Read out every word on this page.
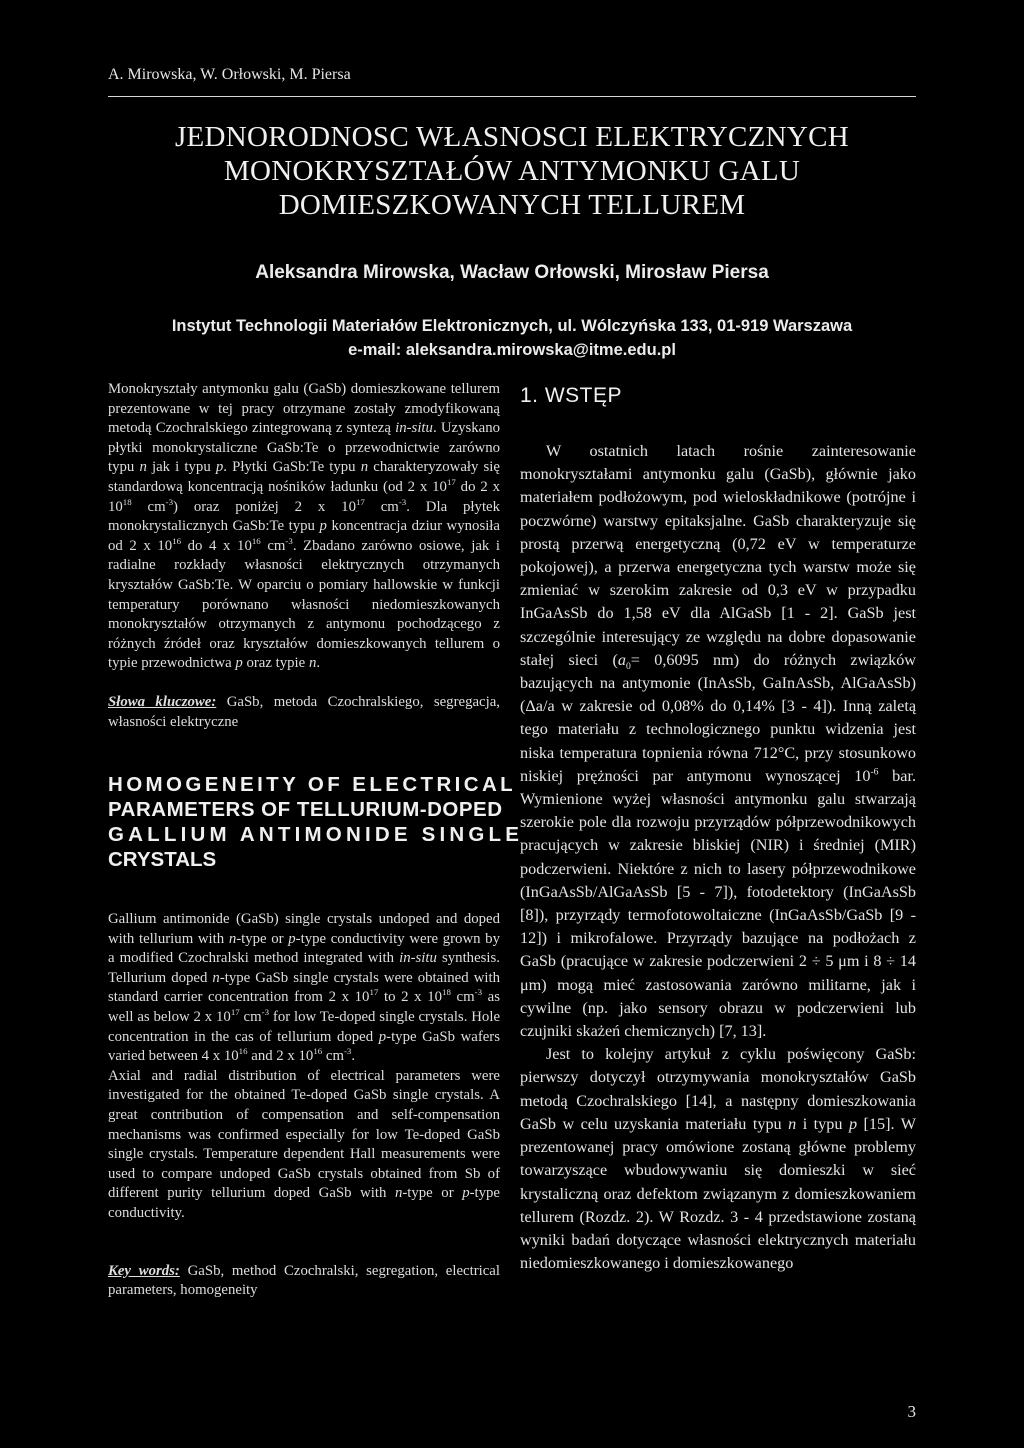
A. Mirowska, W. Orłowski, M. Piersa
JEDNORODNOSC WŁASNOSCI ELEKTRYCZNYCH
MONOKRYSZTAŁÓW ANTYMONKU GALU
DOMIESZKOWANYCH TELLUREM
Aleksandra Mirowska, Wacław Orłowski, Mirosław Piersa
Instytut Technologii Materiałów Elektronicznych, ul. Wólczyńska 133, 01-919 Warszawa
e-mail: aleksandra.mirowska@itme.edu.pl

Monokryształy antymonku galu (GaSb) domieszkowane tellurem prezentowane w tej pracy otrzymane zostały zmodyfikowaną metodą Czochralskiego zintegrowaną z syntezą in-situ. Uzyskano płytki monokrystaliczne GaSb:Te o przewodnictwie zarówno typu n jak i typu p. Płytki GaSb:Te typu n charakteryzowały się standardową koncentracją nośników ładunku (od 2 x $10^{17}$ do 2 x $10^{18}$ $cm^{-3}$) oraz poniżej 2 x $10^{17}$ $cm^{-3}$. Dla płytek monokrystalicznych GaSb:Te typu p koncentracja dziur wynosiła od 2 x $10^{16}$ do 4 x $10^{16}$ $cm^{-3}$. Zbadano zarówno osiowe, jak i radialne rozkłady własności elektrycznych otrzymanych kryształów GaSb:Te. W oparciu o pomiary hallowskie w funkcji temperatury porównano własności niedomieszkowanych monokryształów otrzymanych z antymonu pochodzącego z różnych źródeł oraz kryształów domieszkowanych tellurem o typie przewodnictwa p oraz typie n.

Słowa kluczowe: GaSb, metoda Czochralskiego, segregacja, własności elektryczne

HOMOGENEITY OF ELECTRICAL
PARAMETERS OF TELLURIUM-DOPED
GALLIUM ANTIMONIDE SINGLE
CRYSTALS

Gallium antimonide (GaSb) single crystals undoped and doped with tellurium with n-type or p-type conductivity were grown by a modified Czochralski method integrated with in-situ synthesis. Tellurium doped n-type GaSb single crystals were obtained with standard carrier concentration from 2 x $10^{17}$ to 2 x $10^{18}$ $cm^{-3}$ as well as below 2 x $10^{17}$ $cm^{-3}$ for low Te-doped single crystals. Hole concentration in the cas of tellurium doped p-type GaSb wafers varied between 4 x $10^{16}$ and 2 x $10^{16}$ $cm^{-3}$.

Axial and radial distribution of electrical parameters were investigated for the obtained Te-doped GaSb single crystals. A great contribution of compensation and self-compensation mechanisms was confirmed especially for low Te-doped GaSb single crystals. Temperature dependent Hall measurements were used to compare undoped GaSb crystals obtained from Sb of different purity tellurium doped GaSb with n-type or p-type conductivity.

Key words: GaSb, method Czochralski, segregation, electrical parameters, homogeneity

1. WSTĘP

W ostatnich latach rośnie zainteresowanie monokryształami antymonku galu (GaSb), głównie jako materiałem podłożowym, pod wieloskładnikowe (potrójne i poczwórne) warstwy epitaksjalne. GaSb charakteryzuje się prostą przerwą energetyczną (0,72 eV w temperaturze pokojowej), a przerwa energetyczna tych warstw może się zmieniać w szerokim zakresie od 0,3 eV w przypadku InGaAsSb do 1,58 eV dla AlGaSb [1 - 2]. GaSb jest szczególnie interesujący ze względu na dobre dopasowanie stałej sieci ($a_0= 0,6095$ nm) do różnych związków bazujących na antymonie (InAsSb, GaInAsSb, AlGaAsSb) (Δa/a w zakresie od 0,08% do 0,14% [3 - 4]). Inną zaletą tego materiału z technologicznego punktu widzenia jest niska temperatura topnienia równa 712°C, przy stosunkowo niskiej prężności par antymonu wynoszącej $10^{-6}$ bar. Wymienione wyżej własności antymonku galu stwarzają szerokie pole dla rozwoju przyrządów półprzewodnikowych pracujących w zakresie bliskiej (NIR) i średniej (MIR) podczerwieni. Niektóre z nich to lasery półprzewodnikowe (InGaAsSb/AlGaAsSb [5 - 7]), fotodetektory (InGaAsSb [8]), przyrządy termofotowoltaiczne (InGaAsSb/GaSb [9 - 12]) i mikrofalowe. Przyrządy bazujące na podłożach z GaSb (pracujące w zakresie podczerwieni 2 ÷ 5 μm i 8 ÷ 14 μm) mogą mieć zastosowania zarówno militarne, jak i cywilne (np. jako sensory obrazu w podczerwieni lub czujniki skażeń chemicznych) [7, 13].

Jest to kolejny artykuł z cyklu poświęcony GaSb: pierwszy dotyczył otrzymywania monokryształów GaSb metodą Czochralskiego [14], a następny domieszkowania GaSb w celu uzyskania materiału typu n i typu p [15]. W prezentowanej pracy omówione zostaną główne problemy towarzyszące wbudowywaniu się domieszki w sieć krystaliczną oraz defektom związanym z domieszkowaniem tellurem (Rozdz. 2). W Rozdz. 3 - 4 przedstawione zostaną wyniki badań dotyczące własności elektrycznych materiału niedomieszkowanego i domieszkowanego

3
